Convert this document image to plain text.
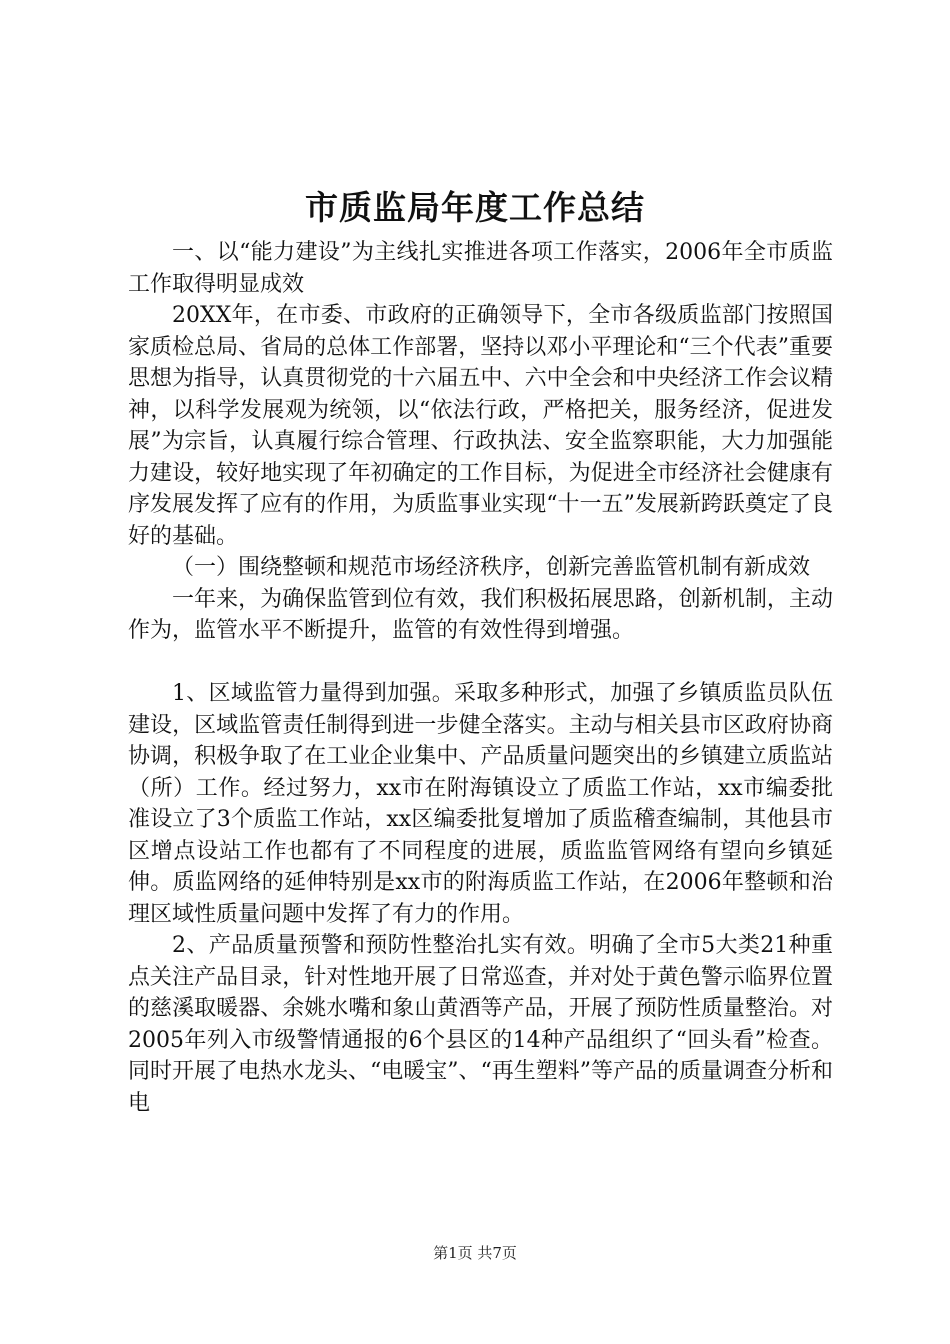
市质监局年度工作总结

一、以“能力建设”为主线扎实推进各项工作落实，2006年全市质监工作取得明显成效

20XX年，在市委、市政府的正确领导下，全市各级质监部门按照国家质检总局、省局的总体工作部署，坚持以邓小平理论和“三个代表”重要思想为指导，认真贯彻党的十六届五中、六中全会和中央经济工作会议精神，以科学发展观为统领，以“依法行政，严格把关，服务经济，促进发展”为宗旨，认真履行综合管理、行政执法、安全监察职能，大力加强能力建设，较好地实现了年初确定的工作目标，为促进全市经济社会健康有序发展发挥了应有的作用，为质监事业实现“十一五”发展新跨跃奠定了良好的基础。

（一）围绕整顿和规范市场经济秩序，创新完善监管机制有新成效

一年来，为确保监管到位有效，我们积极拓展思路，创新机制，主动作为，监管水平不断提升，监管的有效性得到增强。

1、区域监管力量得到加强。采取多种形式，加强了乡镇质监员队伍建设，区域监管责任制得到进一步健全落实。主动与相关县市区政府协商协调，积极争取了在工业企业集中、产品质量问题突出的乡镇建立质监站（所）工作。经过努力，xx市在附海镇设立了质监工作站，xx市编委批准设立了3个质监工作站，xx区编委批复增加了质监稽查编制，其他县市区增点设站工作也都有了不同程度的进展，质监监管网络有望向乡镇延伸。质监网络的延伸特别是xx市的附海质监工作站，在2006年整顿和治理区域性质量问题中发挥了有力的作用。

2、产品质量预警和预防性整治扎实有效。明确了全市5大类21种重点关注产品目录，针对性地开展了日常巡查，并对处于黄色警示临界位置的慈溪取暖器、余姚水嘴和象山黄酒等产品，开展了预防性质量整治。对2005年列入市级警情通报的6个县区的14种产品组织了“回头看”检查。同时开展了电热水龙头、“电暖宝”、“再生塑料”等产品的质量调查分析和电

第1页 共7页
